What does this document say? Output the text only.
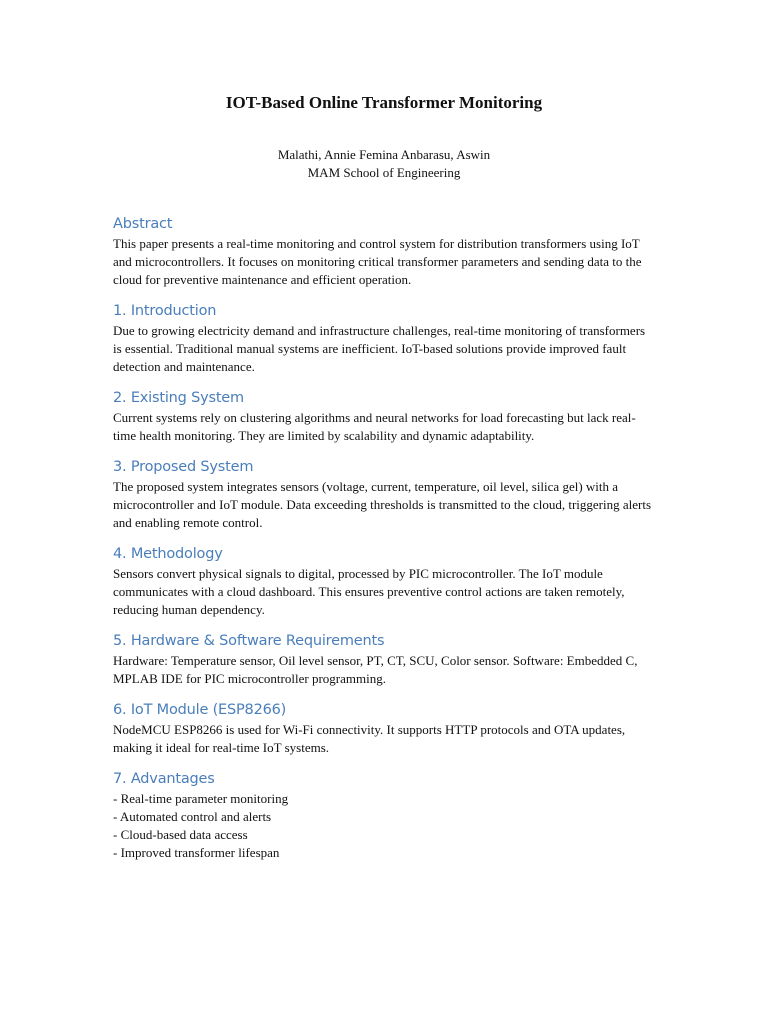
IOT-Based Online Transformer Monitoring
Malathi, Annie Femina Anbarasu, Aswin
MAM School of Engineering
Abstract

This paper presents a real-time monitoring and control system for distribution transformers using IoT and microcontrollers. It focuses on monitoring critical transformer parameters and sending data to the cloud for preventive maintenance and efficient operation.

1. Introduction

Due to growing electricity demand and infrastructure challenges, real-time monitoring of transformers is essential. Traditional manual systems are inefficient. IoT-based solutions provide improved fault detection and maintenance.

2. Existing System

Current systems rely on clustering algorithms and neural networks for load forecasting but lack real-time health monitoring. They are limited by scalability and dynamic adaptability.

3. Proposed System

The proposed system integrates sensors (voltage, current, temperature, oil level, silica gel) with a microcontroller and IoT module. Data exceeding thresholds is transmitted to the cloud, triggering alerts and enabling remote control.

4. Methodology

Sensors convert physical signals to digital, processed by PIC microcontroller. The IoT module communicates with a cloud dashboard. This ensures preventive control actions are taken remotely, reducing human dependency.

5. Hardware & Software Requirements

Hardware: Temperature sensor, Oil level sensor, PT, CT, SCU, Color sensor. Software: Embedded C, MPLAB IDE for PIC microcontroller programming.

6. IoT Module (ESP8266)

NodeMCU ESP8266 is used for Wi-Fi connectivity. It supports HTTP protocols and OTA updates, making it ideal for real-time IoT systems.

7. Advantages
- Real-time parameter monitoring
- Automated control and alerts
- Cloud-based data access
- Improved transformer lifespan
